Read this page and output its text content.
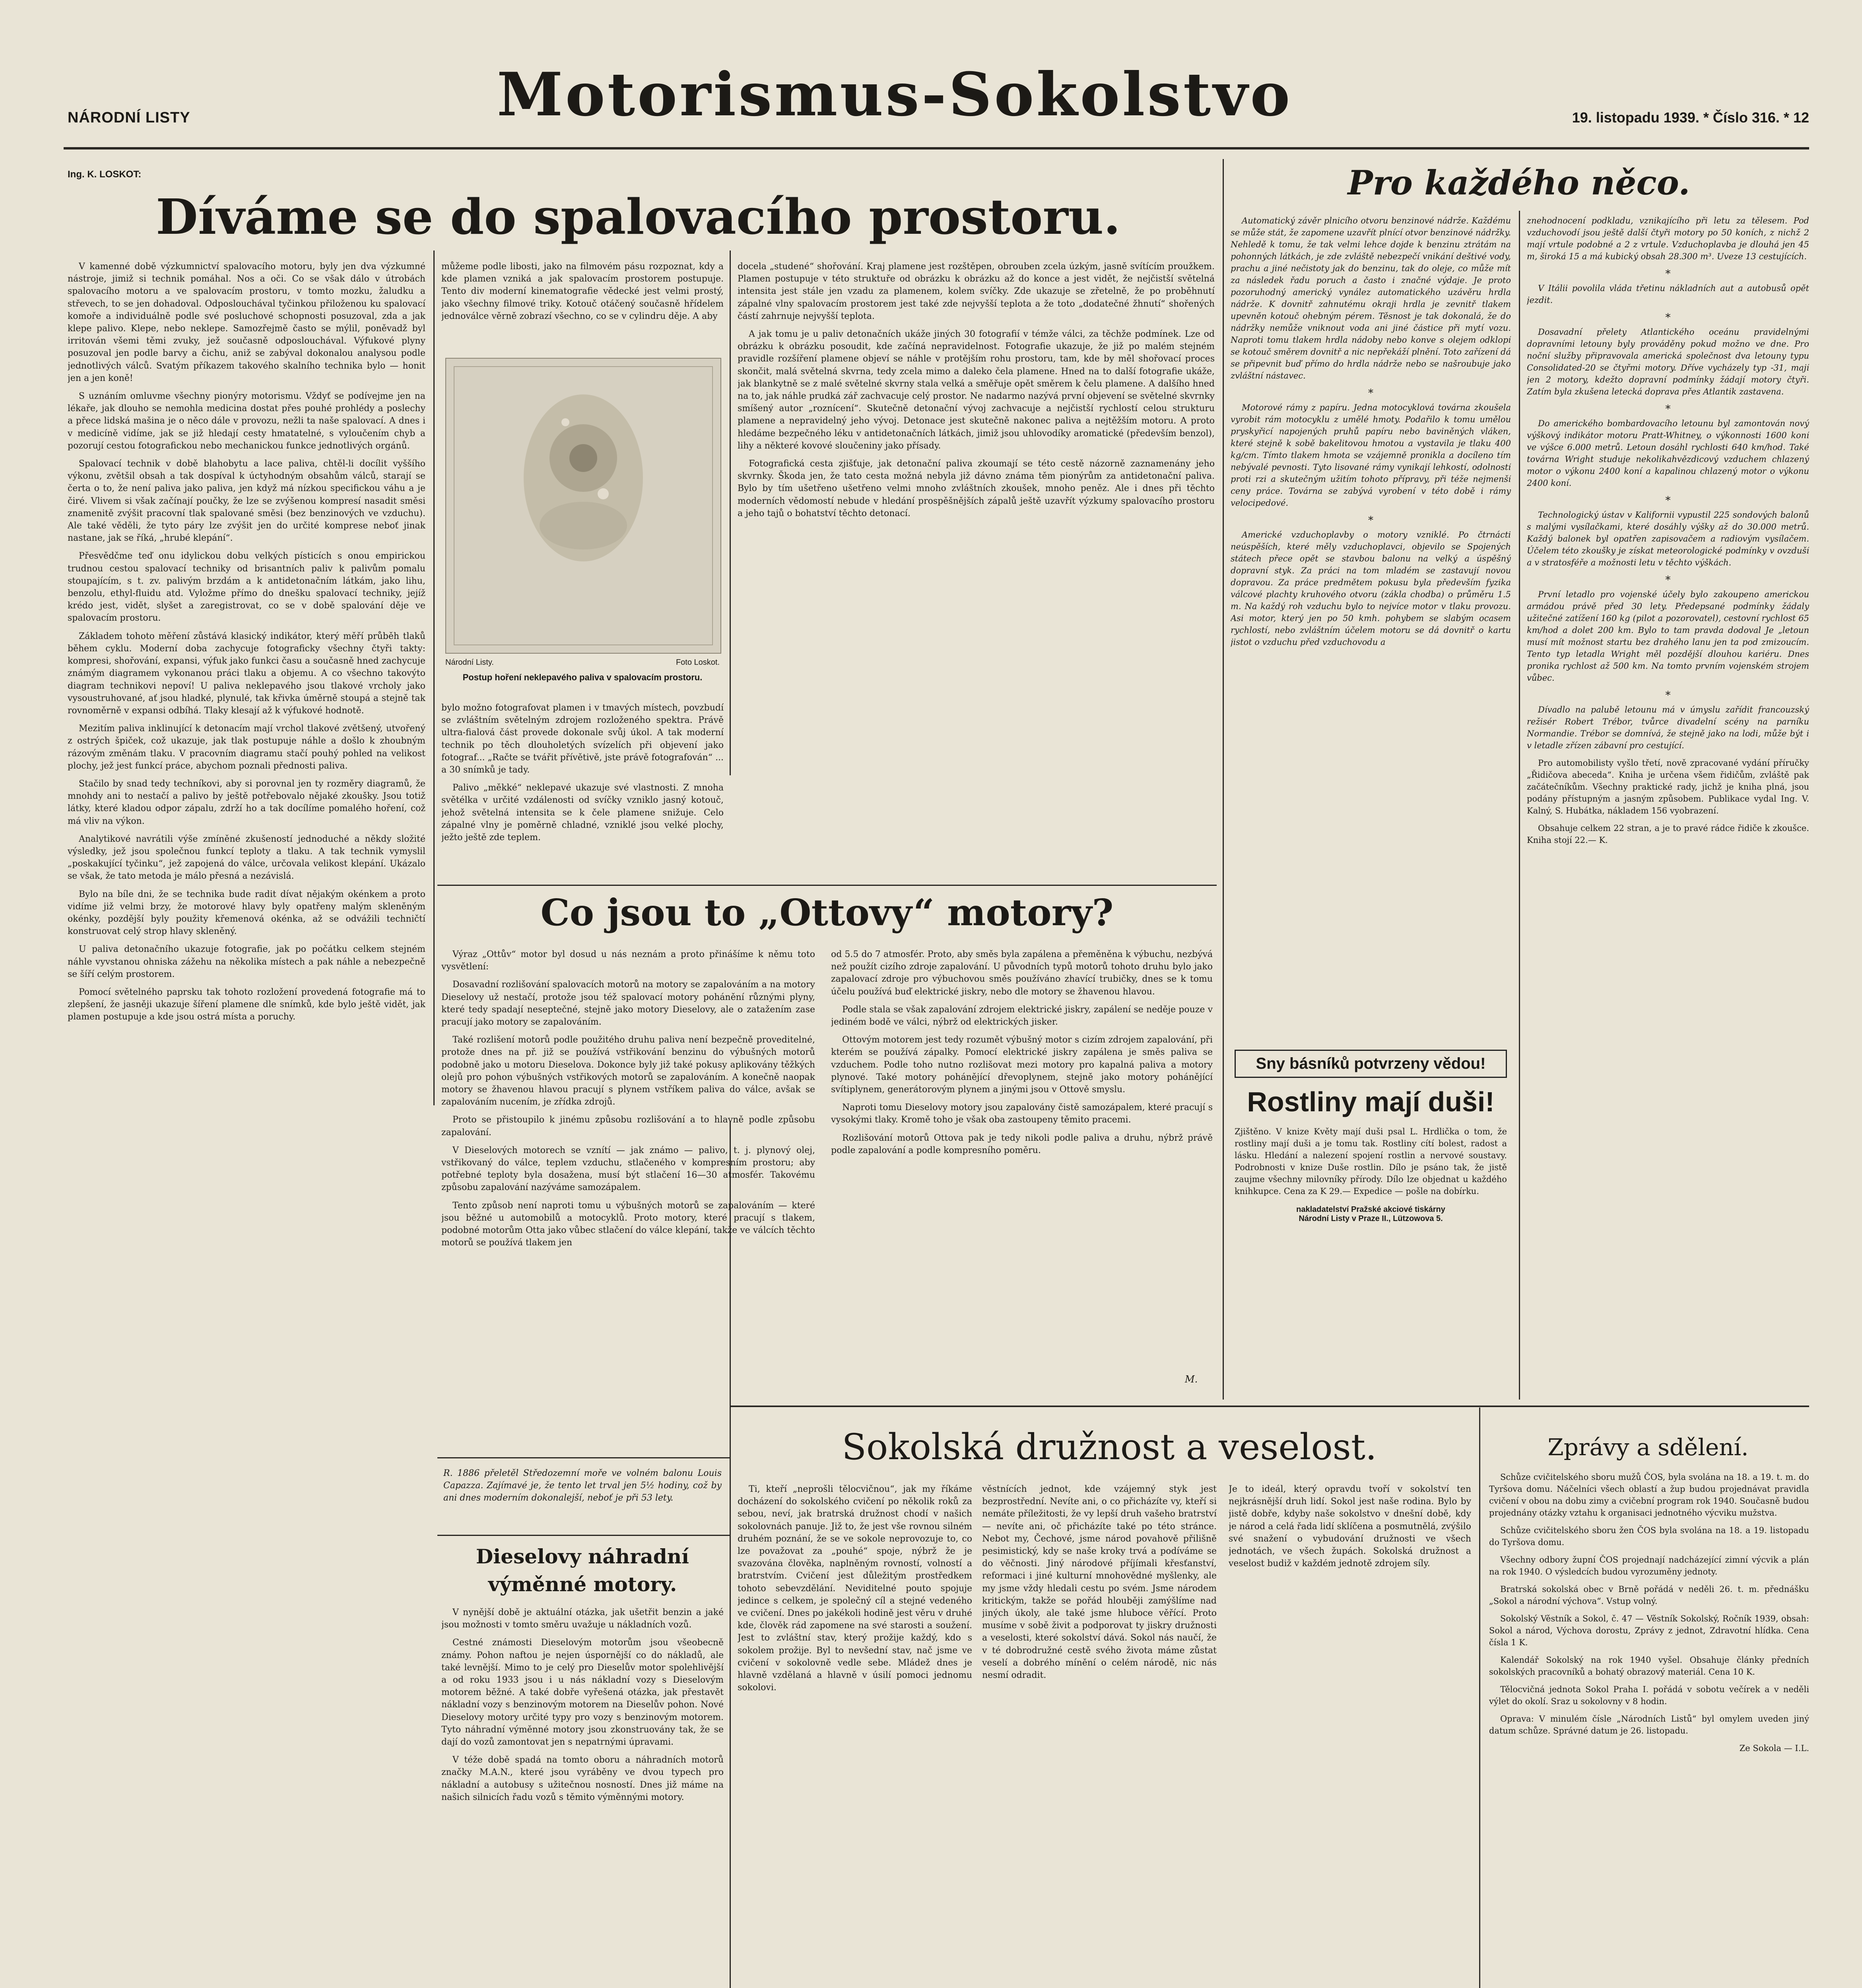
NÁRODNÍ LISTY	Motorismus-Sokolstvo	19. listopadu 1939. * Číslo 316. * 12
Ing. K. LOSKOT:
Díváme se do spalovacího prostoru.

V kamenné době výzkumnictví spalovacího motoru, byly jen dva výzkumné nástroje, jimiž si technik pomáhal. Nos a oči. Co se však dálo v útrobách spalovacího motoru a ve spalovacím prostoru, v tomto mozku, žaludku a střevech, to se jen dohadoval. Odposlouchával tyčinkou přiloženou ku spalovací komoře a individuálně podle své posluchové schopnosti posuzoval, zda a jak klepe palivo. Klepe, nebo neklepe. Samozřejmě často se mýlil, poněvadž byl irritován všemi těmi zvuky, jež současně odposlouchával. Výfukové plyny posuzoval jen podle barvy a čichu, aniž se zabýval dokonalou analysou podle jednotlivých válců. Svatým příkazem takového skalního technika bylo — honit jen a jen koně!

S uznáním omluvme všechny pionýry motorismu. Vždyť se podívejme jen na lékaře, jak dlouho se nemohla medicina dostat přes pouhé prohlédy a poslechy a přece lidská mašina je o něco dále v provozu, nežli ta naše spalovací. A dnes i v medicíně vidíme, jak se již hledají cesty hmatatelné, s vyloučením chyb a pozorují cestou fotografickou nebo mechanickou funkce jednotlivých orgánů.

Spalovací technik v době blahobytu a lace paliva, chtěl-li docílit vyššího výkonu, zvětšil obsah a tak dospíval k úctyhodným obsahům válců, starají se čerta o to, že není paliva jako paliva, jen když má nízkou specifickou váhu a je čiré. Vlivem si však začínají poučky, že lze se zvýšenou kompresí nasadit směsi znamenitě zvýšit pracovní tlak spalované směsi (bez benzinových ve vzduchu). Ale také věděli, že tyto páry lze zvýšit jen do určité komprese neboť jinak nastane, jak se říká, „hrubé klepání“.

Přesvědčme teď onu idylickou dobu velkých písticích s onou empirickou trudnou cestou spalovací techniky od brisantních paliv k palivům pomalu stoupajícím, s t. zv. palivým brzdám a k antidetonačním látkám, jako lihu, benzolu, ethyl-fluidu atd. Vyložme přímo do dnešku spalovací techniky, jejíž krédo jest, vidět, slyšet a zaregistrovat, co se v době spalování děje ve spalovacím prostoru.

Základem tohoto měření zůstává klasický indikátor, který měří průběh tlaků během cyklu. Moderní doba zachycuje fotograficky všechny čtyři takty: kompresi, shořování, expansi, výfuk jako funkci času a současně hned zachycuje známým diagramem vykonanou práci tlaku a objemu. A co všechno takovýto diagram technikovi nepoví! U paliva neklepavého jsou tlakové vrcholy jako vysoustruhované, ať jsou hladké, plynulé, tak křivka úměrně stoupá a stejně tak rovnoměrně v expansi odbíhá. Tlaky klesají až k výfukové hodnotě.

Mezitím paliva inklinující k detonacím mají vrchol tlakové zvětšený, utvořený z ostrých špiček, což ukazuje, jak tlak postupuje náhle a došlo k zhoubným rázovým změnám tlaku. V pracovním diagramu stačí pouhý pohled na velikost plochy, jež jest funkcí práce, abychom poznali přednosti paliva.

Stačilo by snad tedy techníkovi, aby si porovnal jen ty rozměry diagramů, že mnohdy ani to nestačí a palivo by ještě potřebovalo nějaké zkoušky. Jsou totiž látky, které kladou odpor zápalu, zdrží ho a tak docílíme pomalého hoření, což má vliv na výkon.

Analytikové navrátili výše zmíněné zkušeností jednoduché a někdy složité výsledky, jež jsou společnou funkcí teploty a tlaku. A tak technik vymyslil „poskakující tyčinku“, jež zapojená do válce, určovala velikost klepání. Ukázalo se však, že tato metoda je málo přesná a nezávislá.

Bylo na bíle dni, že se technika bude radit dívat nějakým okénkem a proto vidíme již velmi brzy, že motorové hlavy byly opatřeny malým skleněným okénky, pozdější byly použity křemenová okénka, až se odvážili techničtí konstruovat celý strop hlavy skleněný.

U paliva detonačního ukazuje fotografie, jak po počátku celkem stejném náhle vyvstanou ohniska zážehu na několika místech a pak náhle a nebezpečně se šíří celým prostorem.

Pomocí světelného paprsku tak tohoto rozložení provedená fotografie má to zlepšení, že jasněji ukazuje šíření plamene dle snímků, kde bylo ještě vidět, jak plamen postupuje a kde jsou ostrá místa a poruchy.

můžeme podle libosti, jako na filmovém pásu rozpoznat, kdy a kde plamen vzniká a jak spalovacím prostorem postupuje. Tento div moderní kinematografie vědecké jest velmi prostý, jako všechny filmové triky. Kotouč otáčený současně hřídelem jednoválce věrně zobrazí všechno, co se v cylindru děje. A aby

Národní Listy.	Foto Loskot.
Postup hoření neklepavého paliva v spalovacím prostoru.

bylo možno fotografovat plamen i v tmavých místech, povzbudí se zvláštním světelným zdrojem rozloženého spektra. Právě ultra-fialová část provede dokonale svůj úkol. A tak moderní technik po těch dlouholetých svízelích při objevení jako fotograf... „Račte se tvářit přívětivě, jste právě fotografován“ ... a 30 snímků je tady.

Palivo „měkké“ neklepavé ukazuje své vlastnosti. Z mnoha světélka v určité vzdálenosti od svíčky vzniklo jasný kotouč, jehož světelná intensita se k čele plamene snižuje. Celo zápalné vlny je poměrně chladné, vzniklé jsou velké plochy, ježto ještě zde teplem.

docela „studené“ shořování. Kraj plamene jest rozštěpen, obrouben zcela úzkým, jasně svítícím proužkem. Plamen postupuje v této struktuře od obrázku k obrázku až do konce a jest vidět, že nejčistší světelná intensita jest stále jen vzadu za plamenem, kolem svíčky. Zde ukazuje se zřetelně, že po proběhnutí zápalné vlny spalovacím prostorem jest také zde nejvyšší teplota a že toto „dodatečné žhnutí“ shořených částí zahrnuje nejvyšší teplota.

A jak tomu je u paliv detonačních ukáže jiných 30 fotografií v témže válci, za těchže podmínek. Lze od obrázku k obrázku posoudit, kde začíná nepravidelnost. Fotografie ukazuje, že již po malém stejném pravidle rozšíření plamene objeví se náhle v protějším rohu prostoru, tam, kde by měl shořovací proces skončit, malá světelná skvrna, tedy zcela mimo a daleko čela plamene. Hned na to další fotografie ukáže, jak blankytně se z malé světelné skvrny stala velká a směřuje opět směrem k čelu plamene. A dalšího hned na to, jak náhle prudká zář zachvacuje celý prostor. Ne nadarmo nazývá první objevení se světelné skvrnky smíšený autor „roznícení“. Skutečně detonační vývoj zachvacuje a nejčistší rychlostí celou strukturu plamene a nepravidelný jeho vývoj. Detonace jest skutečně nakonec paliva a nejtěžším motoru. A proto hledáme bezpečného léku v antidetonačních látkách, jimiž jsou uhlovodíky aromatické (především benzol), lihy a některé kovové sloučeniny jako přísady.

Fotografická cesta zjišťuje, jak detonační paliva zkoumají se této cestě názorně zaznamenány jeho skvrnky. Škoda jen, že tato cesta možná nebyla již dávno známa těm pionýrům za antidetonační paliva. Bylo by tím ušetřeno ušetřeno velmi mnoho zvláštních zkoušek, mnoho peněz. Ale i dnes při těchto moderních vědomostí nebude v hledání prospěšnějších zápalů ještě uzavřít výzkumy spalovacího prostoru a jeho tajů o bohatství těchto detonací.

Co jsou to „Ottovy“ motory?

Výraz „Ottův“ motor byl dosud u nás neznám a proto přinášíme k němu toto vysvětlení:

Dosavadní rozlišování spalovacích motorů na motory se zapalováním a na motory Dieselovy už nestačí, protože jsou též spalovací motory pohánění různými plyny, které tedy spadají neseptečné, stejně jako motory Dieselovy, ale o zatažením zase pracují jako motory se zapalováním.

Také rozlišení motorů podle použitého druhu paliva není bezpečně proveditelné, protože dnes na př. již se používá vstřikování benzinu do výbušných motorů podobně jako u motoru Dieselova. Dokonce byly již také pokusy aplikovány těžkých olejů pro pohon výbušných vstřikových motorů se zapalováním. A konečně naopak motory se žhavenou hlavou pracují s plynem vstříkem paliva do válce, avšak se zapalováním nucením, je zřídka zdrojů.

Proto se přistoupilo k jinému způsobu rozlišování a to hlavně podle způsobu zapalování.

V Dieselových motorech se vznítí — jak známo — palivo, t. j. plynový olej, vstřikovaný do válce, teplem vzduchu, stlačeného v kompresním prostoru; aby potřebné teploty byla dosažena, musí být stlačení 16—30 atmosfér. Takovému způsobu zapalování nazýváme samozápalem.

Tento způsob není naproti tomu u výbušných motorů se zapalováním — které jsou běžné u automobilů a motocyklů. Proto motory, které pracují s tlakem, podobné motorům Otta jako vůbec stlačení do válce klepání, takže ve válcích těchto motorů se používá tlakem jen

od 5.5 do 7 atmosfér. Proto, aby směs byla zapálena a přeměněna k výbuchu, nezbývá než použít cizího zdroje zapalování. U původních typů motorů tohoto druhu bylo jako zapalovací zdroje pro výbuchovou směs používáno zhavící trubičky, dnes se k tomu účelu používá buď elektrické jiskry, nebo dle motory se žhavenou hlavou.

Podle stala se však zapalování zdrojem elektrické jiskry, zapálení se neděje pouze v jediném bodě ve válci, nýbrž od elektrických jisker.

Ottovým motorem jest tedy rozumět výbušný motor s cizím zdrojem zapalování, při kterém se používá zápalky. Pomocí elektrické jiskry zapálena je směs paliva se vzduchem. Podle toho nutno rozlišovat mezi motory pro kapalná paliva a motory plynové. Také motory pohánějící dřevoplynem, stejně jako motory pohánějící svítiplynem, generátorovým plynem a jinými jsou v Ottově smyslu.

Naproti tomu Dieselovy motory jsou zapalovány čistě samozápalem, které pracují s vysokými tlaky. Kromě toho je však oba zastoupeny těmito pracemi.

Rozlišování motorů Ottova pak je tedy nikoli podle paliva a druhu, nýbrž právě podle zapalování a podle kompresního poměru.

M.
R. 1886 přeletěl Středozemní moře ve volném balonu Louis Capazza. Zajímavé je, že tento let trval jen 5½ hodiny, což by ani dnes moderním dokonalejší, neboť je při 53 lety.
Dieselovy náhradní výměnné motory.

V nynější době je aktuální otázka, jak ušetřit benzin a jaké jsou možnosti v tomto směru uvažuje u nákladních vozů.

Cestné známosti Dieselovým motorům jsou všeobecně známy. Pohon naftou je nejen úspornější co do nákladů, ale také levnější. Mimo to je celý pro Dieselův motor spolehlivější a od roku 1933 jsou i u nás nákladní vozy s Dieselovým motorem běžné. A také dobře vyřešená otázka, jak přestavět nákladní vozy s benzinovým motorem na Dieselův pohon. Nové Dieselovy motory určité typy pro vozy s benzinovým motorem. Tyto náhradní výměnné motory jsou zkonstruovány tak, že se dají do vozů zamontovat jen s nepatrnými úpravami.

V téže době spadá na tomto oboru a náhradních motorů značky M.A.N., které jsou vyráběny ve dvou typech pro nákladní a autobusy s užitečnou nosností. Dnes již máme na našich silnicích řadu vozů s těmito výměnnými motory.

Pro každého něco.

Automatický závěr plnicího otvoru benzinové nádrže. Každému se může stát, že zapomene uzavřít plnící otvor benzinové nádržky. Nehledě k tomu, že tak velmi lehce dojde k benzinu ztrátám na pohonných látkách, je zde zvláště nebezpečí vnikání deštivé vody, prachu a jiné nečistoty jak do benzinu, tak do oleje, co může mít za následek řadu poruch a často i značné výdaje. Je proto pozoruhodný americký vynález automatického uzávěru hrdla nádrže. K dovnitř zahnutému okraji hrdla je zevnitř tlakem upevněn kotouč ohebným pérem. Těsnost je tak dokonalá, že do nádržky nemůže vniknout voda ani jiné částice při mytí vozu. Naproti tomu tlakem hrdla nádoby nebo konve s olejem odklopí se kotouč směrem dovnitř a nic nepřekáží plnění. Toto zařízení dá se připevnit buď přímo do hrdla nádrže nebo se našroubuje jako zvláštní nástavec.

*

Motorové rámy z papíru. Jedna motocyklová továrna zkoušela vyrobit rám motocyklu z umělé hmoty. Podařilo k tomu umělou pryskyřicí napojených pruhů papíru nebo baviněných vláken, které stejně k sobě bakelitovou hmotou a vystavila je tlaku 400 kg/cm. Tímto tlakem hmota se vzájemně pronikla a docíleno tím nebývalé pevnosti. Tyto lisované rámy vynikají lehkostí, odolností proti rzi a skutečným užitím tohoto přípravy, při téže nejmenší ceny práce. Továrna se zabývá vyrobení v této době i rámy velocipedové.

*

Americké vzduchoplavby o motory vzniklé. Po čtrnácti neúspěších, které měly vzduchoplavci, objevilo se Spojených státech přece opět se stavbou balonu na velký a úspěšný dopravní styk. Za práci na tom mladém se zastavují novou dopravou. Za práce predmětem pokusu byla především fyzika válcové plachty kruhového otvoru (zákla chodba) o průměru 1.5 m. Na každý roh vzduchu bylo to nejvíce motor v tlaku provozu. Asi motor, který jen po 50 kmh. pohybem se slabým ocasem rychlostí, nebo zvláštním účelem motoru se dá dovnitř o kartu jistot o vzduchu před vzduchovodu a

znehodnocení podkladu, vznikajícího při letu za tělesem. Pod vzduchovodí jsou ještě další čtyři motory po 50 koních, z nichž 2 mají vrtule podobné a 2 z vrtule. Vzduchoplavba je dlouhá jen 45 m, široká 15 a má kubický obsah 28.300 m³. Uveze 13 cestujících.

*

V Itálii povolila vláda třetinu nákladních aut a autobusů opět jezdit.

*

Dosavadní přelety Atlantického oceánu pravidelnými dopravními letouny byly prováděny pokud možno ve dne. Pro noční služby připravovala americká společnost dva letouny typu Consolidated-20 se čtyřmi motory. Dříve vycházely typ -31, mají jen 2 motory, kdežto dopravní podmínky žádají motory čtyři. Zatím byla zkušena letecká doprava přes Atlantik zastavena.

*

Do amerického bombardovacího letounu byl zamontován nový výškový indikátor motoru Pratt-Whitney, o výkonnosti 1600 koní ve výšce 6.000 metrů. Letoun dosáhl rychlosti 640 km/hod. Také továrna Wright studuje nekolikahvězdicový vzduchem chlazený motor o výkonu 2400 koní a kapalinou chlazený motor o výkonu 2400 koní.

*

Technologický ústav v Kalifornii vypustil 225 sondových balonů s malými vysílačkami, které dosáhly výšky až do 30.000 metrů. Každý balonek byl opatřen zapisovačem a radiovým vysílačem. Účelem této zkoušky je získat meteorologické podmínky v ovzduší a v stratosféře a možnosti letu v těchto výškách.

*

První letadlo pro vojenské účely bylo zakoupeno americkou armádou právě před 30 lety. Předepsané podmínky žádaly užitečné zatížení 160 kg (pilot a pozorovatel), cestovní rychlost 65 km/hod a dolet 200 km. Bylo to tam pravda dodoval Je „letoun musí mít možnost startu bez drahého lanu jen ta pod zmizoucím. Tento typ letadla Wright měl pozdější dlouhou kariéru. Dnes pronika rychlost až 500 km. Na tomto prvním vojenském strojem vůbec.

*

Dívadlo na palubě letounu má v úmyslu zařídit francouzský režisér Robert Trébor, tvůrce divadelní scény na parníku Normandie. Trébor se domnívá, že stejně jako na lodi, může být i v letadle zřízen zábavní pro cestující.

Pro automobilisty vyšlo třetí, nově zpracované vydání příručky „Řidičova abeceda“. Kniha je určena všem řidičům, zvláště pak začátečníkům. Všechny praktické rady, jichž je kniha plná, jsou podány přístupným a jasným způsobem. Publikace vydal Ing. V. Kalný, S. Hubátka, nákladem 156 vyobrazení.

Obsahuje celkem 22 stran, a je to pravé rádce řidiče k zkoušce. Kniha stojí 22.— K.

Sny básníků potvrzeny vědou!
Rostliny mají duši!
Zjištěno. V knize Květy mají duši psal L. Hrdlička o tom, že rostliny mají duši a je tomu tak. Rostliny cítí bolest, radost a lásku. Hledání a nalezení spojení rostlin a nervové soustavy. Podrobnosti v knize Duše rostlin. Dílo je psáno tak, že jistě zaujme všechny milovníky přírody. Dílo lze objednat u každého knihkupce. Cena za K 29.— Expedice — pošle na dobírku.
nakladatelství Pražské akciové tiskárny
Národní Listy v Praze II., Lützowova 5.
Sokolská družnost a veselost.

Ti, kteří „neprošli tělocvičnou“, jak my říkáme docházení do sokolského cvičení po několik roků za sebou, neví, jak bratrská družnost chodí v našich sokolovnách panuje. Již to, že jest vše rovnou silném druhém poznání, že se ve sokole neprovozuje to, co lze považovat za „pouhé“ spoje, nýbrž že je svazována člověka, naplněným rovností, volností a bratrstvím. Cvičení jest důležitým prostředkem tohoto sebevzdělání. Neviditelné pouto spojuje jedince s celkem, je společný cíl a stejné vedeného ve cvičení. Dnes po jakékoli hodině jest věru v druhé kde, člověk rád zapomene na své starosti a soužení. Jest to zvláštní stav, který prožije každý, kdo s sokolem prožije. Byl to nevšední stav, nač jsme ve cvičení v sokolovně vedle sebe. Mládež dnes je hlavně vzdělaná a hlavně v úsilí pomoci jednomu sokolovi.

věstnících jednot, kde vzájemný styk jest bezprostřední. Nevíte ani, o co přicházíte vy, kteří si nemáte příležitosti, že vy lepší druh vašeho bratrství — nevíte ani, oč přicházíte také po této stránce. Nebot my, Čechové, jsme národ povahově přilišně pesimistický, kdy se naše kroky trvá a podíváme se do věčnosti. Jiný národové příjímali křesťanství, reformaci i jiné kulturní mnohovědné myšlenky, ale my jsme vždy hledali cestu po svém. Jsme národem kritickým, takže se pořád hlouběji zamýšlíme nad jiných úkoly, ale také jsme hluboce věřící. Proto musíme v sobě živit a podporovat ty jiskry družnosti a veselosti, které sokolství dává. Sokol nás naučí, že v té dobrodružné cestě svého života máme zůstat veselí a dobrého mínění o celém národě, nic nás nesmí odradit.

Je to ideál, který opravdu tvoří v sokolství ten nejkrásnější druh lidí. Sokol jest naše rodina. Bylo by jistě dobře, kdyby naše sokolstvo v dnešní době, kdy je národ a celá řada lidí sklíčena a posmutnělá, zvýšilo své snažení o vybudování družnosti ve všech jednotách, ve všech župách. Sokolská družnost a veselost budiž v každém jednotě zdrojem síly.

Zprávy a sdělení.

Schůze cvičitelského sboru mužů ČOS, byla svolána na 18. a 19. t. m. do Tyršova domu. Náčelníci všech oblastí a žup budou projednávat pravidla cvičení v obou na dobu zimy a cvičební program rok 1940. Současně budou projednány otázky vztahu k organisaci jednotného výcviku mužstva.

Schůze cvičitelského sboru žen ČOS byla svolána na 18. a 19. listopadu do Tyršova domu.

Všechny odbory župní ČOS projednají nadcházející zimní výcvik a plán na rok 1940. O výsledcích budou vyrozuměny jednoty.

Bratrská sokolská obec v Brně pořádá v neděli 26. t. m. přednášku „Sokol a národní výchova“. Vstup volný.

Sokolský Věstník a Sokol, č. 47 — Věstník Sokolský, Ročník 1939, obsah: Sokol a národ, Výchova dorostu, Zprávy z jednot, Zdravotní hlídka. Cena čísla 1 K.

Kalendář Sokolský na rok 1940 vyšel. Obsahuje články předních sokolských pracovníků a bohatý obrazový materiál. Cena 10 K.

Tělocvičná jednota Sokol Praha I. pořádá v sobotu večírek a v neděli výlet do okolí. Sraz u sokolovny v 8 hodin.

Oprava: V minulém čísle „Národních Listů“ byl omylem uveden jiný datum schůze. Správné datum je 26. listopadu.

Ze Sokola — I.L.
